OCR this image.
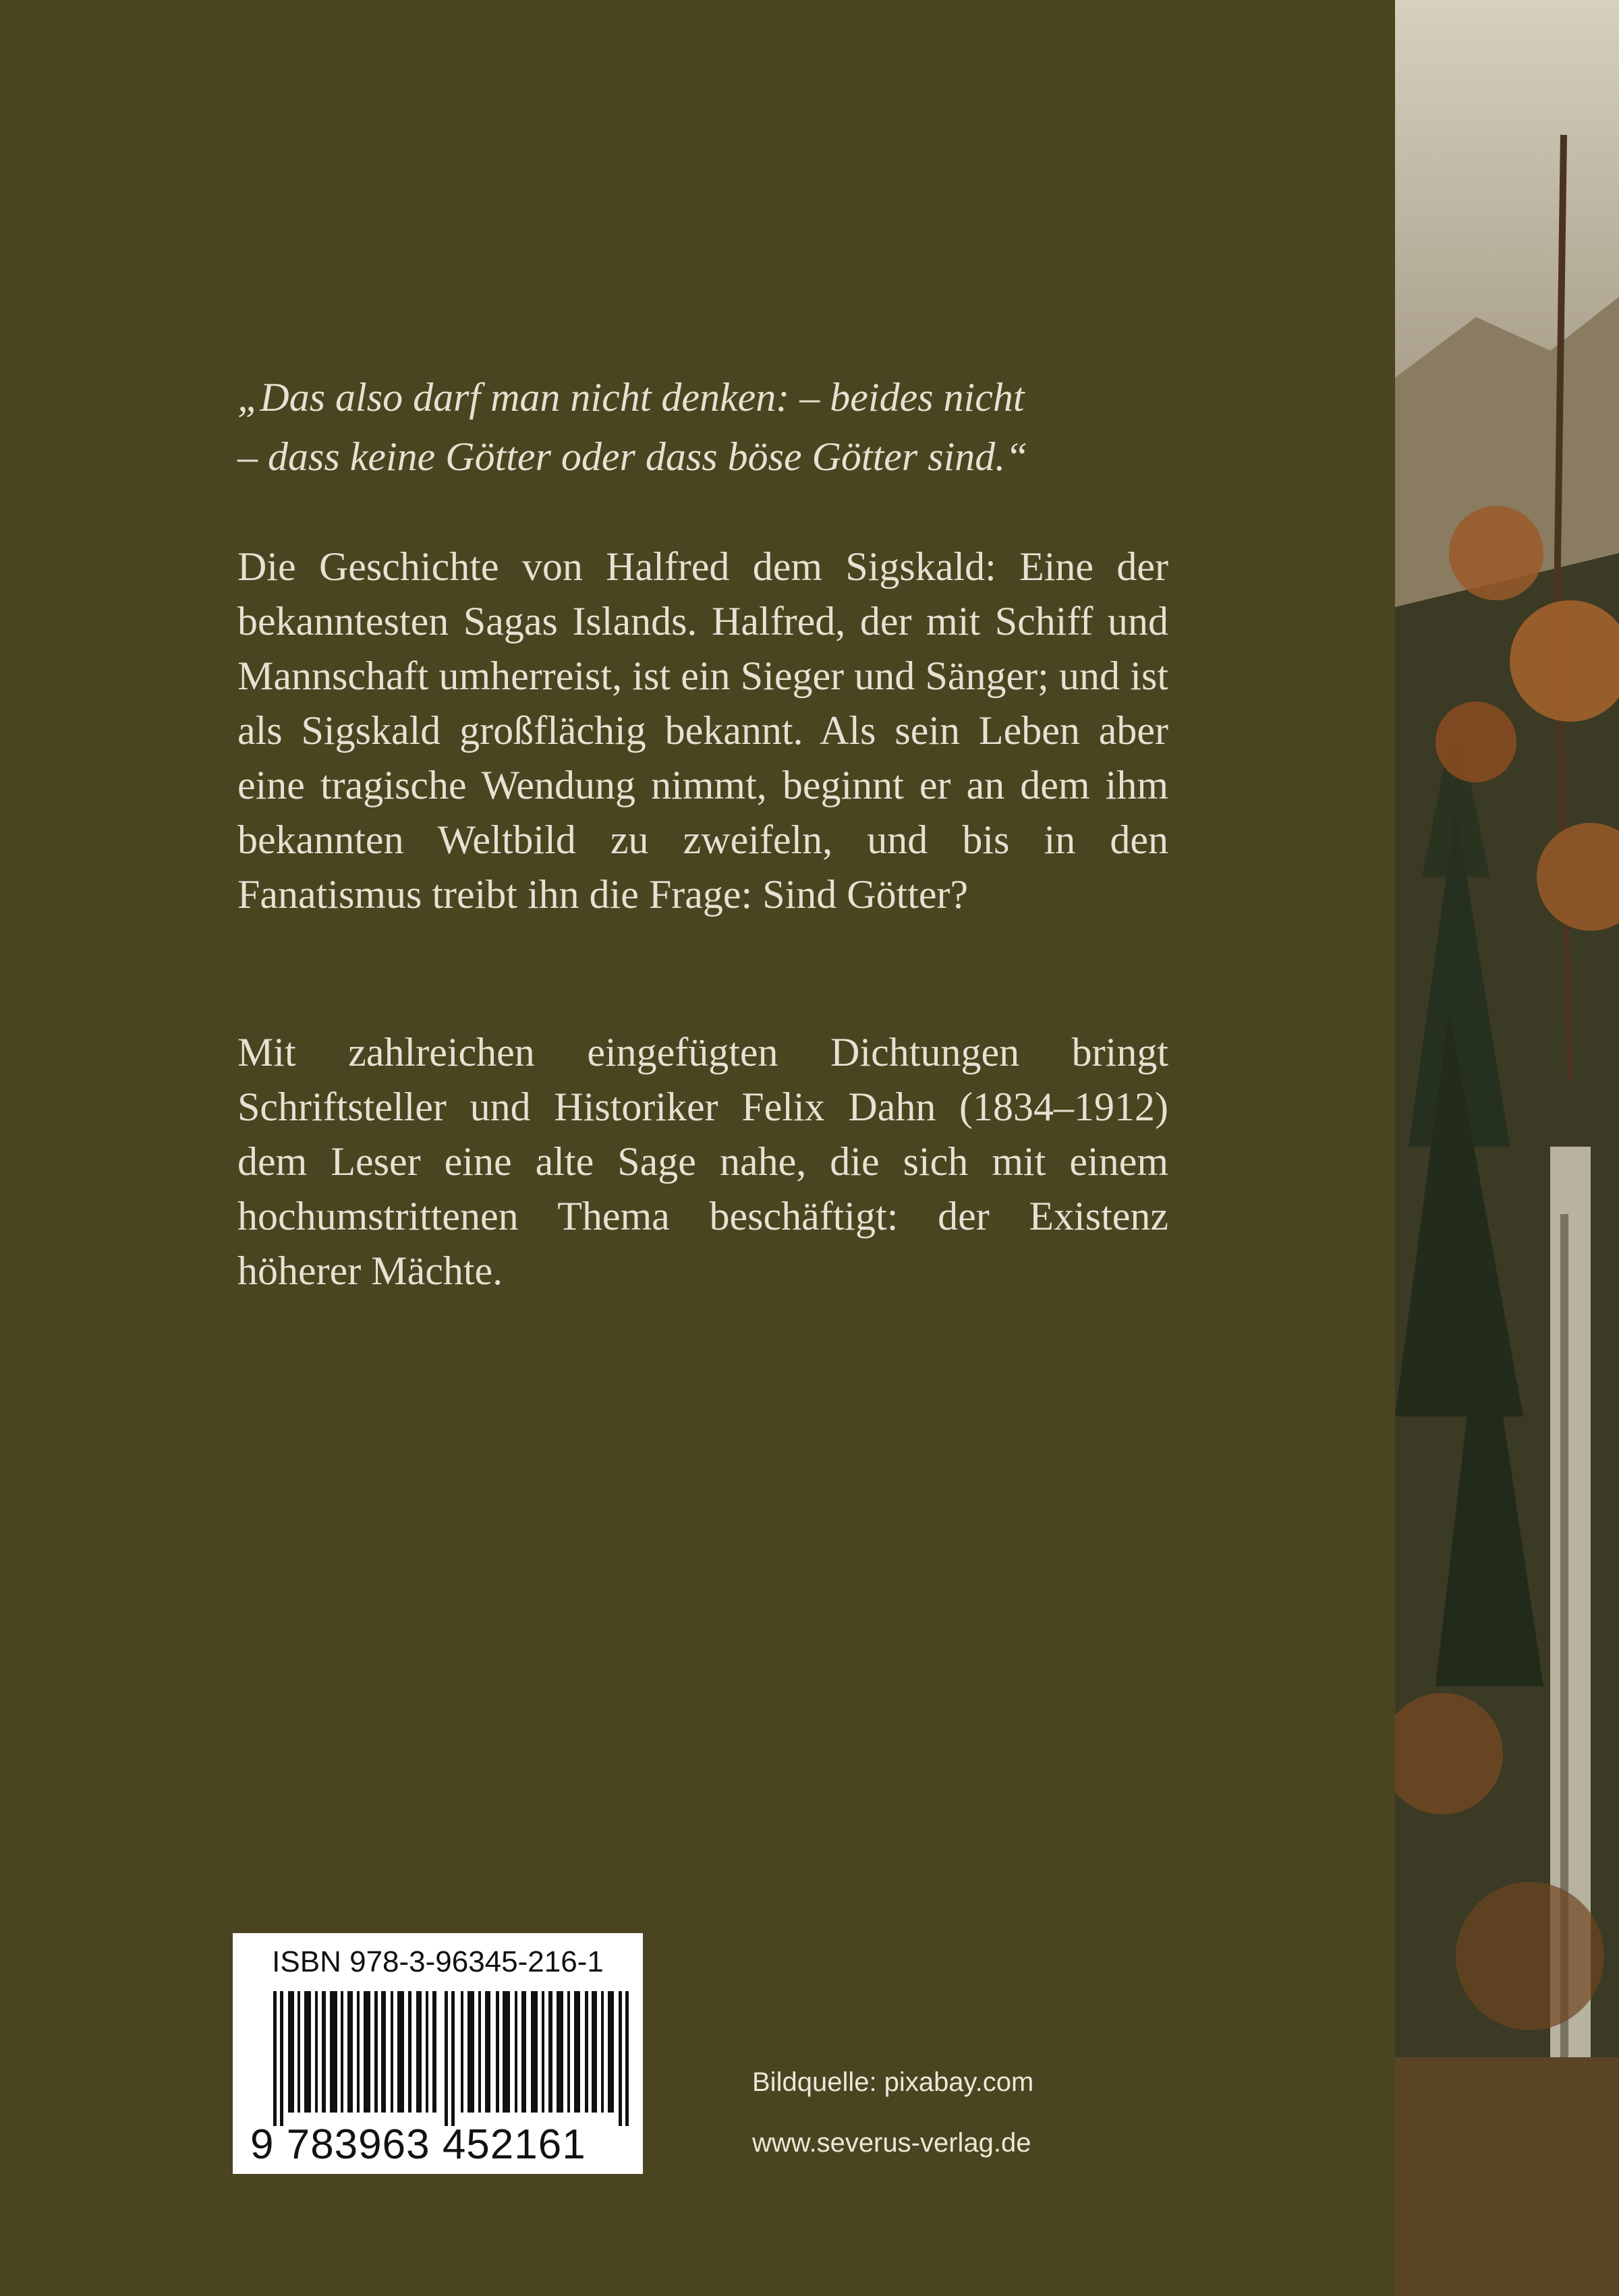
„Das also darf man nicht denken: – beides nicht
– dass keine Götter oder dass böse Götter sind.“

Die Geschichte von Halfred dem Sigskald: Eine der bekanntesten Sagas Islands. Halfred, der mit Schiff und Mannschaft umherreist, ist ein Sieger und Sänger; und ist als Sigskald großflächig bekannt. Als sein Leben aber eine tragische Wendung nimmt, beginnt er an dem ihm bekannten Weltbild zu zweifeln, und bis in den Fanatismus treibt ihn die Frage: Sind Götter?

Mit zahlreichen eingefügten Dichtungen bringt Schriftsteller und Historiker Felix Dahn (1834–1912) dem Leser eine alte Sage nahe, die sich mit einem hochumstrittenen Thema beschäftigt: der Existenz höherer Mächte.

ISBN 978-3-96345-216-1
9 783963 452161
Bildquelle: pixabay.com
www.severus-verlag.de
